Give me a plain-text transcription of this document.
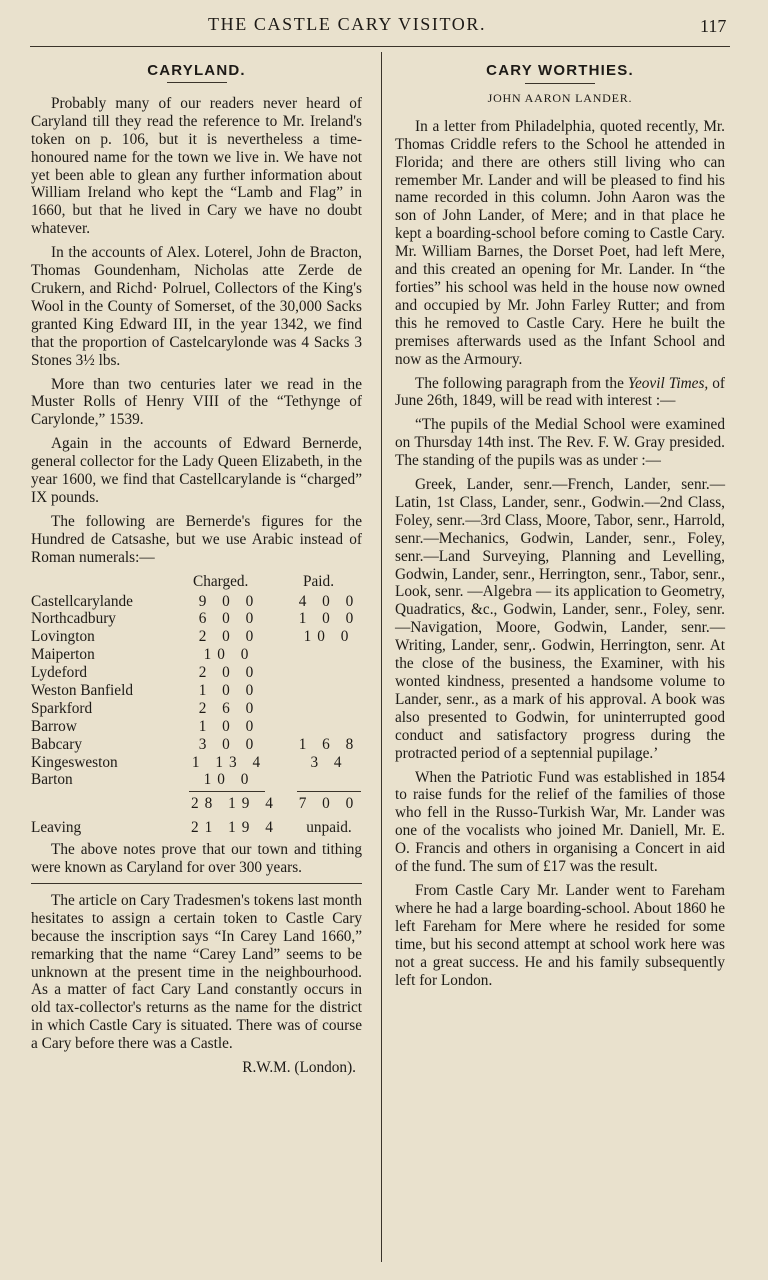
THE CASTLE CARY VISITOR.	117
CARYLAND.

Probably many of our readers never heard of Caryland till they read the reference to Mr. Ireland's token on p. 106, but it is nevertheless a time-honoured name for the town we live in. We have not yet been able to glean any further information about William Ireland who kept the “Lamb and Flag” in 1660, but that he lived in Cary we have no doubt whatever.

In the accounts of Alex. Loterel, John de Bracton, Thomas Goundenham, Nicholas atte Zerde de Crukern, and Richd· Polruel, Collectors of the King's Wool in the County of Somerset, of the 30,000 Sacks granted King Edward III, in the year 1342, we find that the proportion of Castelcarylonde was 4 Sacks 3 Stones 3½ lbs.

More than two centuries later we read in the Muster Rolls of Henry VIII of the “Tethynge of Carylonde,” 1539.

Again in the accounts of Edward Bernerde, general collector for the Lady Queen Elizabeth, in the year 1600, we find that Castellcarylande is “charged” IX pounds.

The following are Bernerde's figures for the Hundred de Catsashe, but we use Arabic instead of Roman numerals:—

Charged.	Paid.
Castellcarylande	9 0 0	4 0 0
Northcadbury	6 0 0	1 0 0
Lovington	2 0 0	10 0
Maiperton	10 0
Lydeford	2 0 0
Weston Banfield	1 0 0
Sparkford	2 6 0
Barrow	1 0 0
Babcary	3 0 0	1 6 8
Kingesweston	1 13 4	3 4
Barton	10 0
28 19 4	7 0 0
Leaving	21 19 4	unpaid.

The above notes prove that our town and tithing were known as Caryland for over 300 years.

The article on Cary Tradesmen's tokens last month hesitates to assign a certain token to Castle Cary because the inscription says “In Carey Land 1660,” remarking that the name “Carey Land” seems to be unknown at the present time in the neighbourhood. As a matter of fact Cary Land constantly occurs in old tax-collector's returns as the name for the district in which Castle Cary is situated. There was of course a Cary before there was a Castle.

R.W.M. (London).
CARY WORTHIES.
JOHN AARON LANDER.

In a letter from Philadelphia, quoted recently, Mr. Thomas Criddle refers to the School he attended in Florida; and there are others still living who can remember Mr. Lander and will be pleased to find his name recorded in this column. John Aaron was the son of John Lander, of Mere; and in that place he kept a boarding-school before coming to Castle Cary. Mr. William Barnes, the Dorset Poet, had left Mere, and this created an opening for Mr. Lander. In “the forties” his school was held in the house now owned and occupied by Mr. John Farley Rutter; and from this he removed to Castle Cary. Here he built the premises afterwards used as the Infant School and now as the Armoury.

The following paragraph from the Yeovil Times, of June 26th, 1849, will be read with interest :—

“The pupils of the Medial School were examined on Thursday 14th inst. The Rev. F. W. Gray presided. The standing of the pupils was as under :—

Greek, Lander, senr.—French, Lander, senr.—Latin, 1st Class, Lander, senr., Godwin.—2nd Class, Foley, senr.—3rd Class, Moore, Tabor, senr., Harrold, senr.—Mechanics, Godwin, Lander, senr., Foley, senr.—Land Surveying, Planning and Levelling, Godwin, Lander, senr., Herrington, senr., Tabor, senr., Look, senr. —Algebra — its application to Geometry, Quadratics, &c., Godwin, Lander, senr., Foley, senr.—Navigation, Moore, Godwin, Lander, senr.—Writing, Lander, senr,. Godwin, Herrington, senr. At the close of the business, the Examiner, with his wonted kindness, presented a handsome volume to Lander, senr., as a mark of his approval. A book was also presented to Godwin, for uninterrupted good conduct and satisfactory progress during the protracted period of a septennial pupilage.’

When the Patriotic Fund was established in 1854 to raise funds for the relief of the families of those who fell in the Russo-Turkish War, Mr. Lander was one of the vocalists who joined Mr. Daniell, Mr. E. O. Francis and others in organising a Concert in aid of the fund. The sum of £17 was the result.

From Castle Cary Mr. Lander went to Fareham where he had a large boarding-school. About 1860 he left Fareham for Mere where he resided for some time, but his second attempt at school work here was not a great success. He and his family subsequently left for London.
